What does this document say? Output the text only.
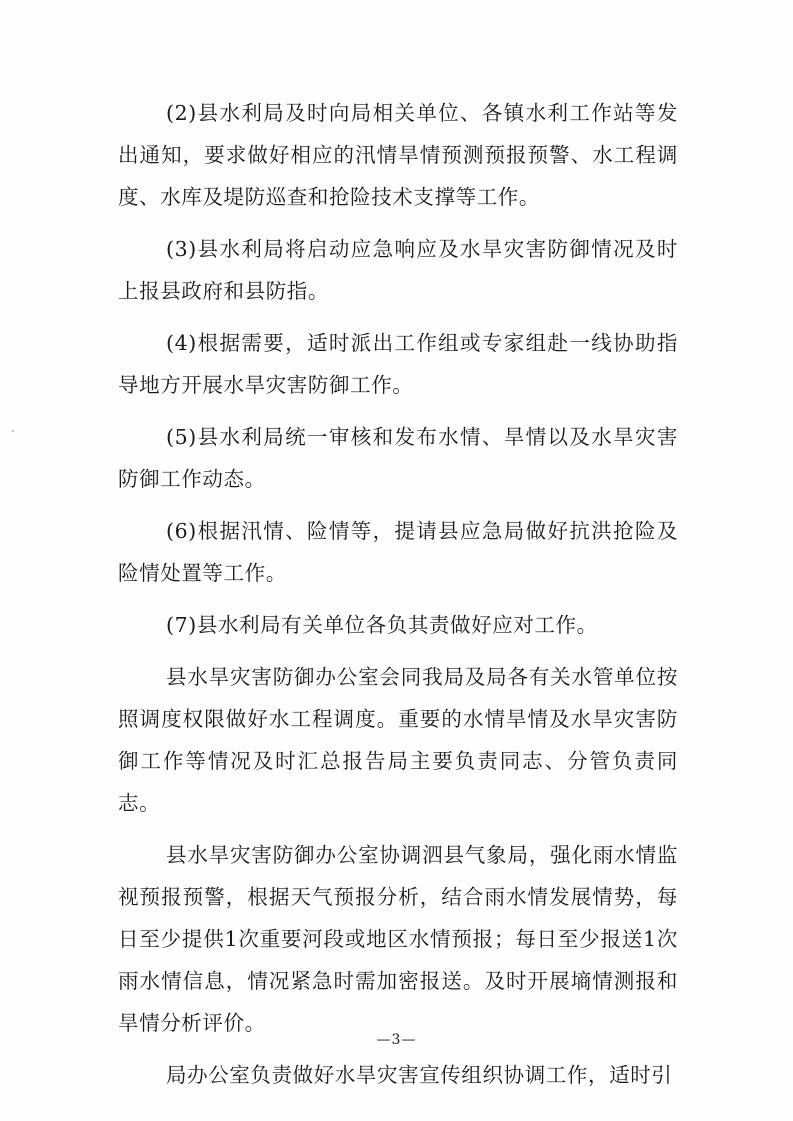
(2)县水利局及时向局相关单位、各镇水利工作站等发出通知，要求做好相应的汛情旱情预测预报预警、水工程调度、水库及堤防巡查和抢险技术支撑等工作。

(3)县水利局将启动应急响应及水旱灾害防御情况及时上报县政府和县防指。

(4)根据需要，适时派出工作组或专家组赴一线协助指导地方开展水旱灾害防御工作。

(5)县水利局统一审核和发布水情、旱情以及水旱灾害防御工作动态。

(6)根据汛情、险情等，提请县应急局做好抗洪抢险及险情处置等工作。

(7)县水利局有关单位各负其责做好应对工作。

县水旱灾害防御办公室会同我局及局各有关水管单位按照调度权限做好水工程调度。重要的水情旱情及水旱灾害防御工作等情况及时汇总报告局主要负责同志、分管负责同志。

县水旱灾害防御办公室协调泗县气象局，强化雨水情监视预报预警，根据天气预报分析，结合雨水情发展情势，每日至少提供1次重要河段或地区水情预报；每日至少报送1次雨水情信息，情况紧急时需加密报送。及时开展墒情测报和旱情分析评价。

局办公室负责做好水旱灾害宣传组织协调工作，适时引

—3—
